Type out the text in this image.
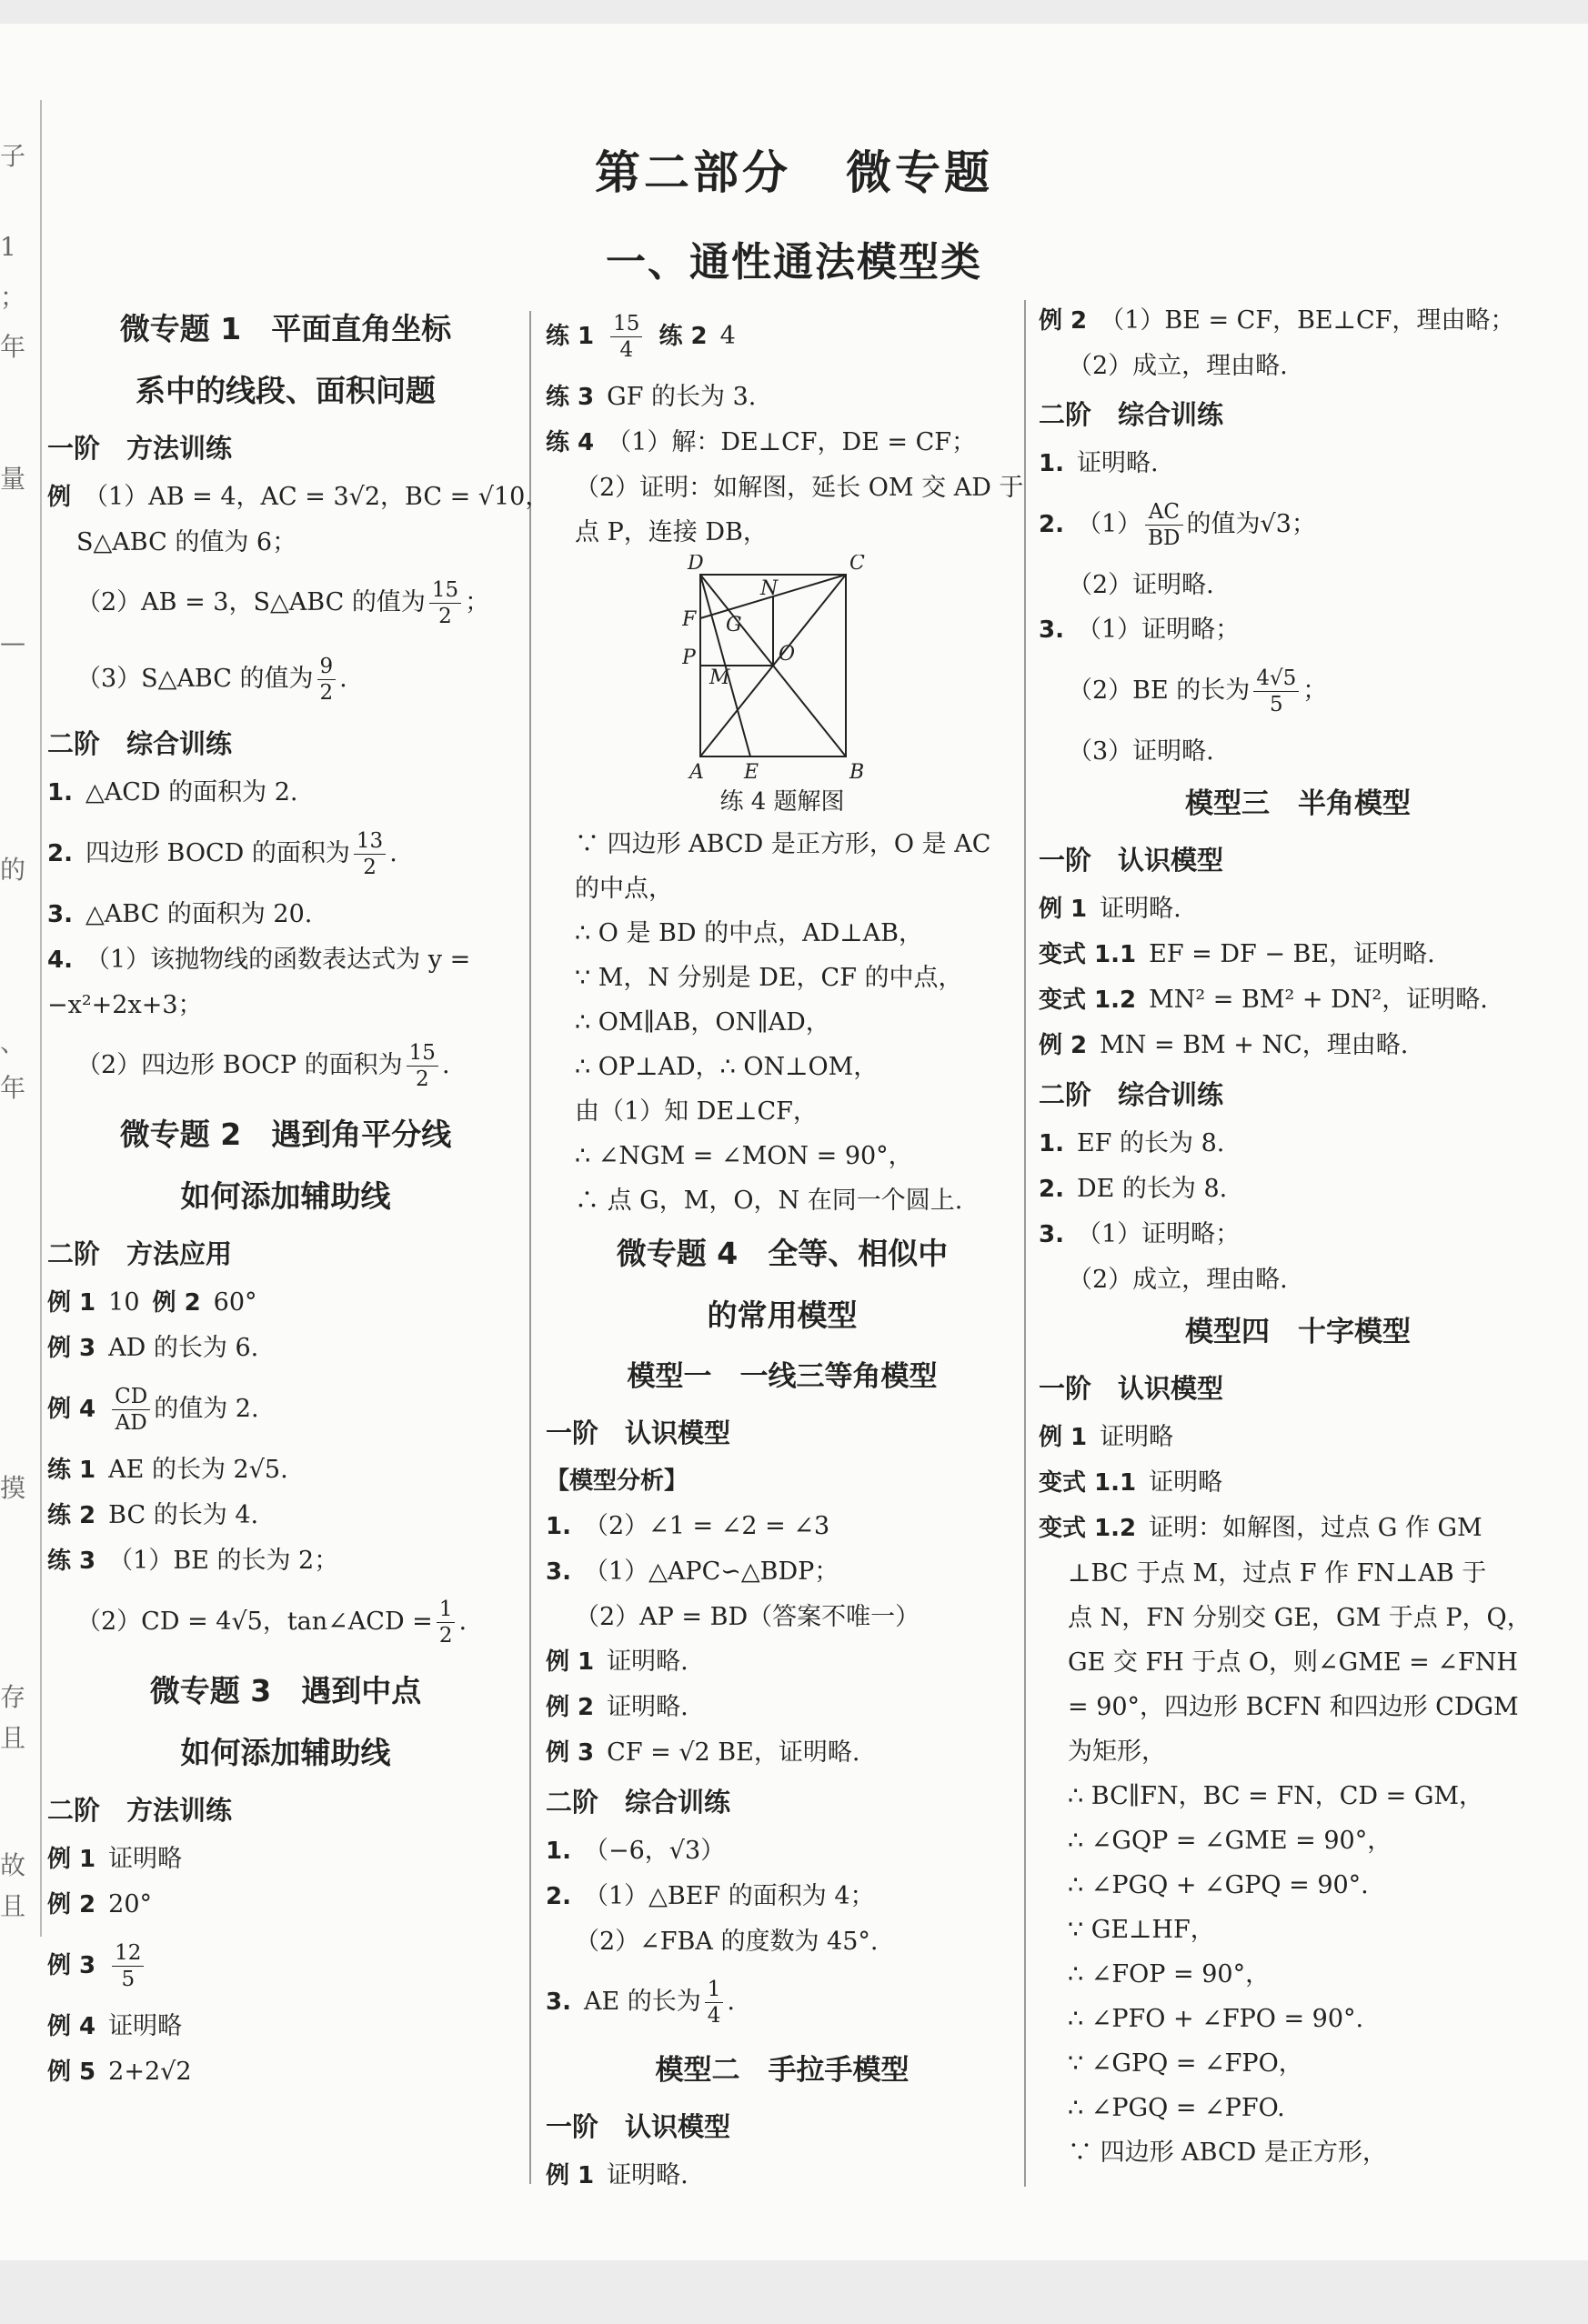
子
1
；
年
量
—
的
、
年
摸
存
且
故
且
第二部分 微专题
一、通性通法模型类
微专题 1　平面直角坐标
系中的线段、面积问题
一阶　方法训练
例 （1）AB = 4，AC = 3√2，BC = √10，
S△ABC 的值为 6；
（2）AB = 3，S△ABC 的值为 $\frac{15}{2}$ ；
（3）S△ABC 的值为 $\frac{9}{2}$ .
二阶　综合训练
1. △ACD 的面积为 2.
2. 四边形 BOCD 的面积为 $\frac{13}{2}$ .
3. △ABC 的面积为 20.
4. （1）该抛物线的函数表达式为 y =
−x²+2x+3；
（2）四边形 BOCP 的面积为 $\frac{15}{2}$ .
微专题 2　遇到角平分线
如何添加辅助线
二阶　方法应用
例 1 10 例 2 60°
例 3 AD 的长为 6.
例 $4 \frac{CD}{AD}$ 的值为 2.
练 1 AE 的长为 2√5.
练 2 BC 的长为 4.
练 3 （1）BE 的长为 2；
（2）CD = 4√5，tan∠ACD = $\frac{1}{2}$ .
微专题 3　遇到中点
如何添加辅助线
二阶　方法训练
例 1 证明略
例 2 20°
例 $3 \frac{12}{5}$
例 4 证明略
例 5 2+2√2
练 $1 \frac{15}{4}$ 练 2 4
练 3 GF 的长为 3.
练 4 （1）解：DE⊥CF，DE = CF；
（2）证明：如解图，延长 OM 交 AD 于
点 P，连接 DB，
D	C
N
F G
P
M
O
A E	B
练 4 题解图
∵ 四边形 ABCD 是正方形，O 是 AC
的中点，
∴ O 是 BD 的中点，AD⊥AB，
∵ M，N 分别是 DE，CF 的中点，
∴ OM∥AB，ON∥AD，
∴ OP⊥AD，∴ ON⊥OM，
由（1）知 DE⊥CF，
∴ ∠NGM = ∠MON = 90°，
∴ 点 G，M，O，N 在同一个圆上.
微专题 4　全等、相似中
的常用模型
模型一　一线三等角模型
一阶　认识模型
【模型分析】
1. （2）∠1 = ∠2 = ∠3
3. （1）△APC∽△BDP；
（2）AP = BD（答案不唯一）
例 1 证明略.
例 2 证明略.
例 3 CF = √2 BE，证明略.
二阶　综合训练
1. （−6，√3）
2. （1）△BEF 的面积为 4；
（2）∠FBA 的度数为 45°.
3. AE 的长为 $\frac{1}{4}$ .
模型二　手拉手模型
一阶　认识模型
例 1 证明略.
例 2 （1）BE = CF，BE⊥CF，理由略；
（2）成立，理由略.
二阶　综合训练
1. 证明略.
2. $(1) \frac{AC}{BD}$ 的值为√3；
（2）证明略.
3. （1）证明略；
（2）BE 的长为 $\frac{4√5}{5}$ ；
（3）证明略.
模型三　半角模型
一阶　认识模型
例 1 证明略.
变式 1.1 EF = DF − BE，证明略.
变式 1.2 MN² = BM² + DN²，证明略.
例 2 MN = BM + NC，理由略.
二阶　综合训练
1. EF 的长为 8.
2. DE 的长为 8.
3. （1）证明略；
（2）成立，理由略.
模型四　十字模型
一阶　认识模型
例 1 证明略
变式 1.1 证明略
变式 1.2 证明：如解图，过点 G 作 GM
⊥BC 于点 M，过点 F 作 FN⊥AB 于
点 N，FN 分别交 GE，GM 于点 P，Q，
GE 交 FH 于点 O，则∠GME = ∠FNH
= 90°，四边形 BCFN 和四边形 CDGM
为矩形，
∴ BC∥FN，BC = FN，CD = GM，
∴ ∠GQP = ∠GME = 90°，
∴ ∠PGQ + ∠GPQ = 90°.
∵ GE⊥HF，
∴ ∠FOP = 90°，
∴ ∠PFO + ∠FPO = 90°.
∵ ∠GPQ = ∠FPO，
∴ ∠PGQ = ∠PFO.
∵ 四边形 ABCD 是正方形，
